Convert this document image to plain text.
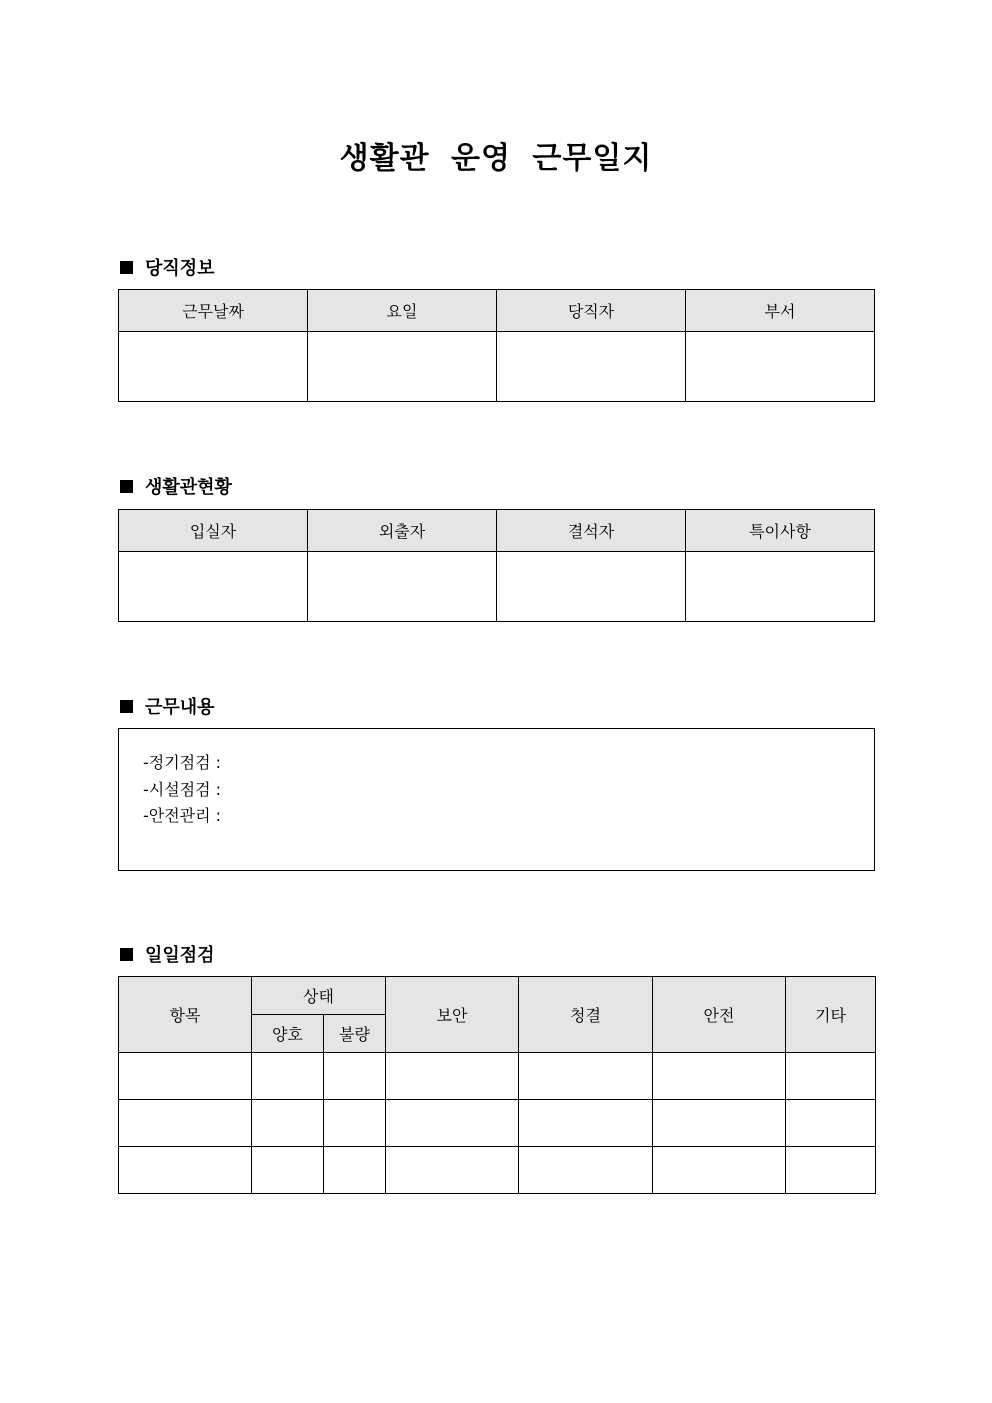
생활관 운영 근무일지
당직정보
근무날짜	요일	당직자	부서

생활관현황
입실자	외출자	결석자	특이사항

근무내용
-정기점검 :
-시설점검 :
-안전관리 :
일일점검
항목	상태		보안	청결	안전	기타
	양호	불량				
